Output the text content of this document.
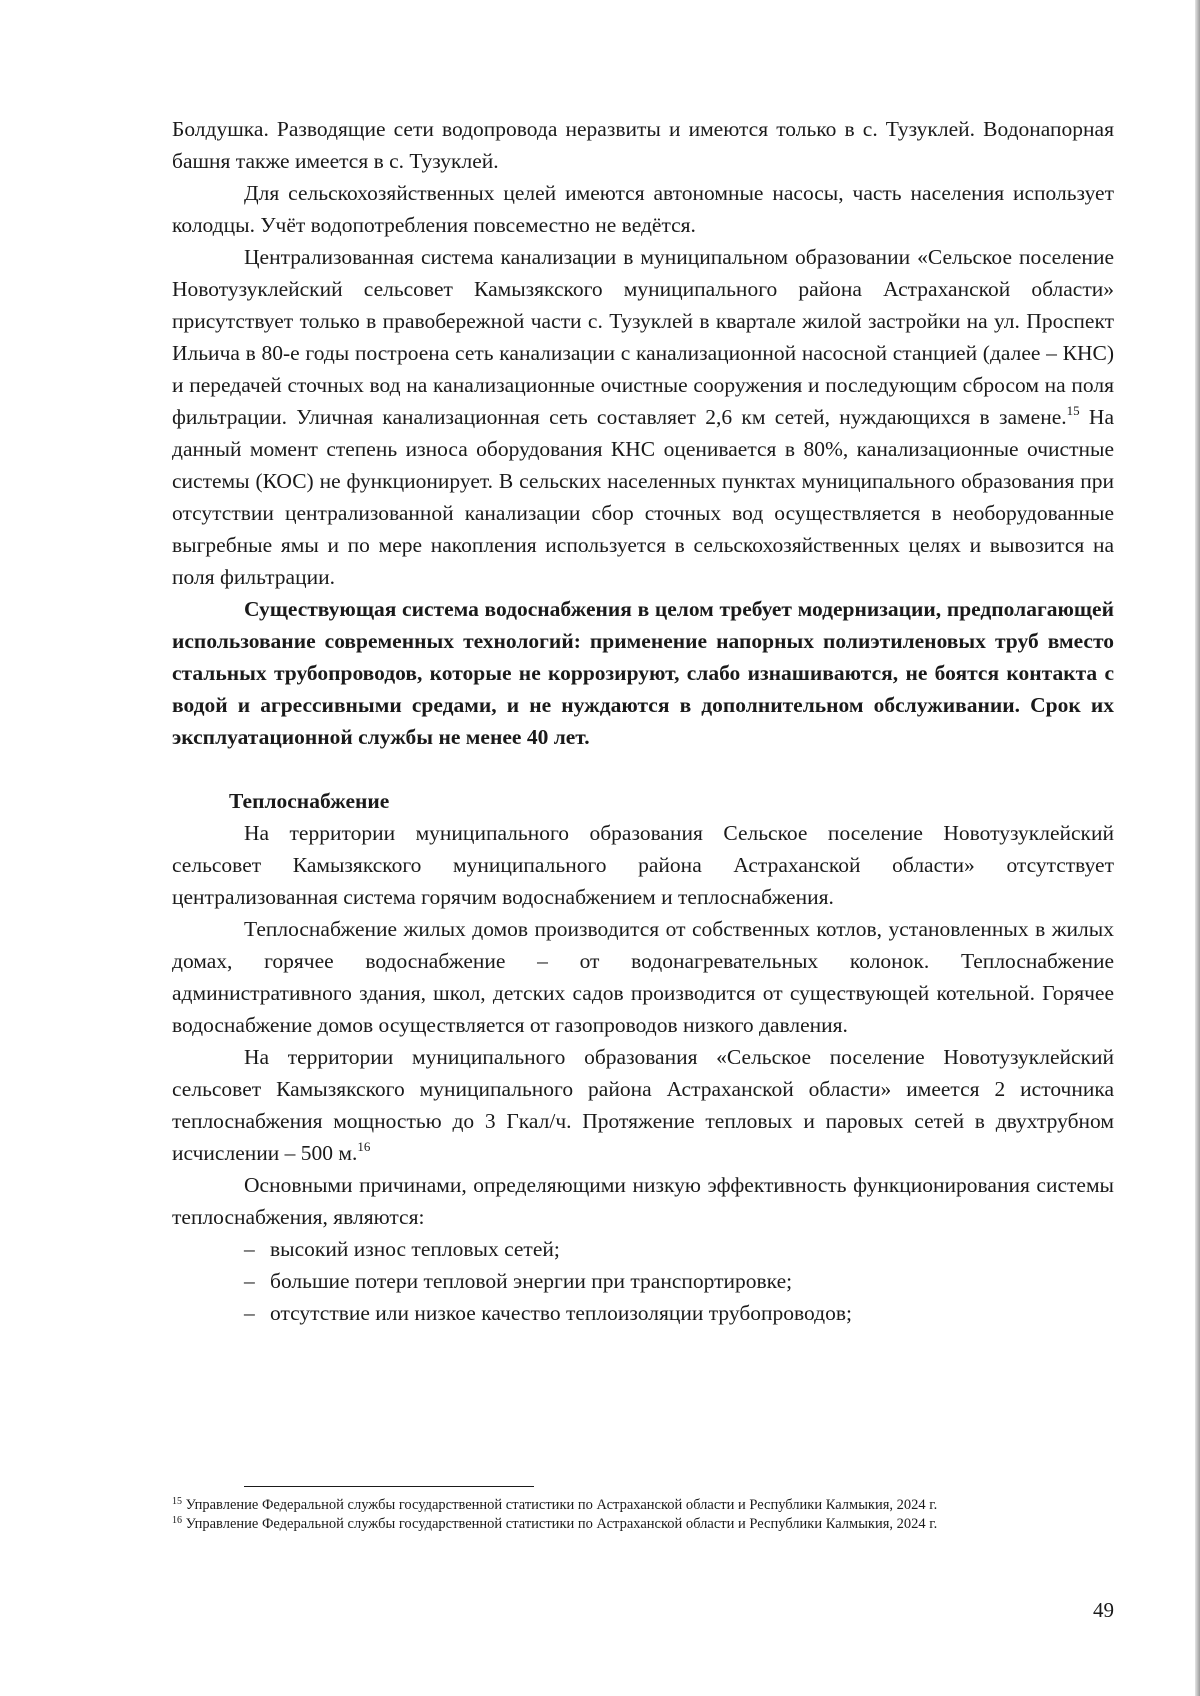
Болдушка. Разводящие сети водопровода неразвиты и имеются только в с. Тузуклей. Водонапорная башня также имеется в с. Тузуклей.

Для сельскохозяйственных целей имеются автономные насосы, часть населения использует колодцы. Учёт водопотребления повсеместно не ведётся.

Централизованная система канализации в муниципальном образовании «Сельское поселение Новотузуклейский сельсовет Камызякского муниципального района Астраханской области» присутствует только в правобережной части с. Тузуклей в квартале жилой застройки на ул. Проспект Ильича в 80-е годы построена сеть канализации с канализационной насосной станцией (далее – КНС) и передачей сточных вод на канализационные очистные сооружения и последующим сбросом на поля фильтрации. Уличная канализационная сеть составляет 2,6 км сетей, нуждающихся в замене.$^{15}$ На данный момент степень износа оборудования КНС оценивается в 80%, канализационные очистные системы (КОС) не функционирует. В сельских населенных пунктах муниципального образования при отсутствии централизованной канализации сбор сточных вод осуществляется в необорудованные выгребные ямы и по мере накопления используется в сельскохозяйственных целях и вывозится на поля фильтрации.

Существующая система водоснабжения в целом требует модернизации, предполагающей использование современных технологий: применение напорных полиэтиленовых труб вместо стальных трубопроводов, которые не коррозируют, слабо изнашиваются, не боятся контакта с водой и агрессивными средами, и не нуждаются в дополнительном обслуживании. Срок их эксплуатационной службы не менее 40 лет.

Теплоснабжение

На территории муниципального образования Сельское поселение Новотузуклейский сельсовет Камызякского муниципального района Астраханской области» отсутствует централизованная система горячим водоснабжением и теплоснабжения.

Теплоснабжение жилых домов производится от собственных котлов, установленных в жилых домах, горячее водоснабжение – от водонагревательных колонок. Теплоснабжение административного здания, школ, детских садов производится от существующей котельной. Горячее водоснабжение домов осуществляется от газопроводов низкого давления.

На территории муниципального образования «Сельское поселение Новотузуклейский сельсовет Камызякского муниципального района Астраханской области» имеется 2 источника теплоснабжения мощностью до 3 Гкал/ч. Протяжение тепловых и паровых сетей в двухтрубном исчислении – 500 м.$^{16}$

Основными причинами, определяющими низкую эффективность функционирования системы теплоснабжения, являются:

– высокий износ тепловых сетей;
– большие потери тепловой энергии при транспортировке;
– отсутствие или низкое качество теплоизоляции трубопроводов;

$^{15}$ Управление Федеральной службы государственной статистики по Астраханской области и Республики Калмыкия, 2024 г.

$^{16}$ Управление Федеральной службы государственной статистики по Астраханской области и Республики Калмыкия, 2024 г.

49
